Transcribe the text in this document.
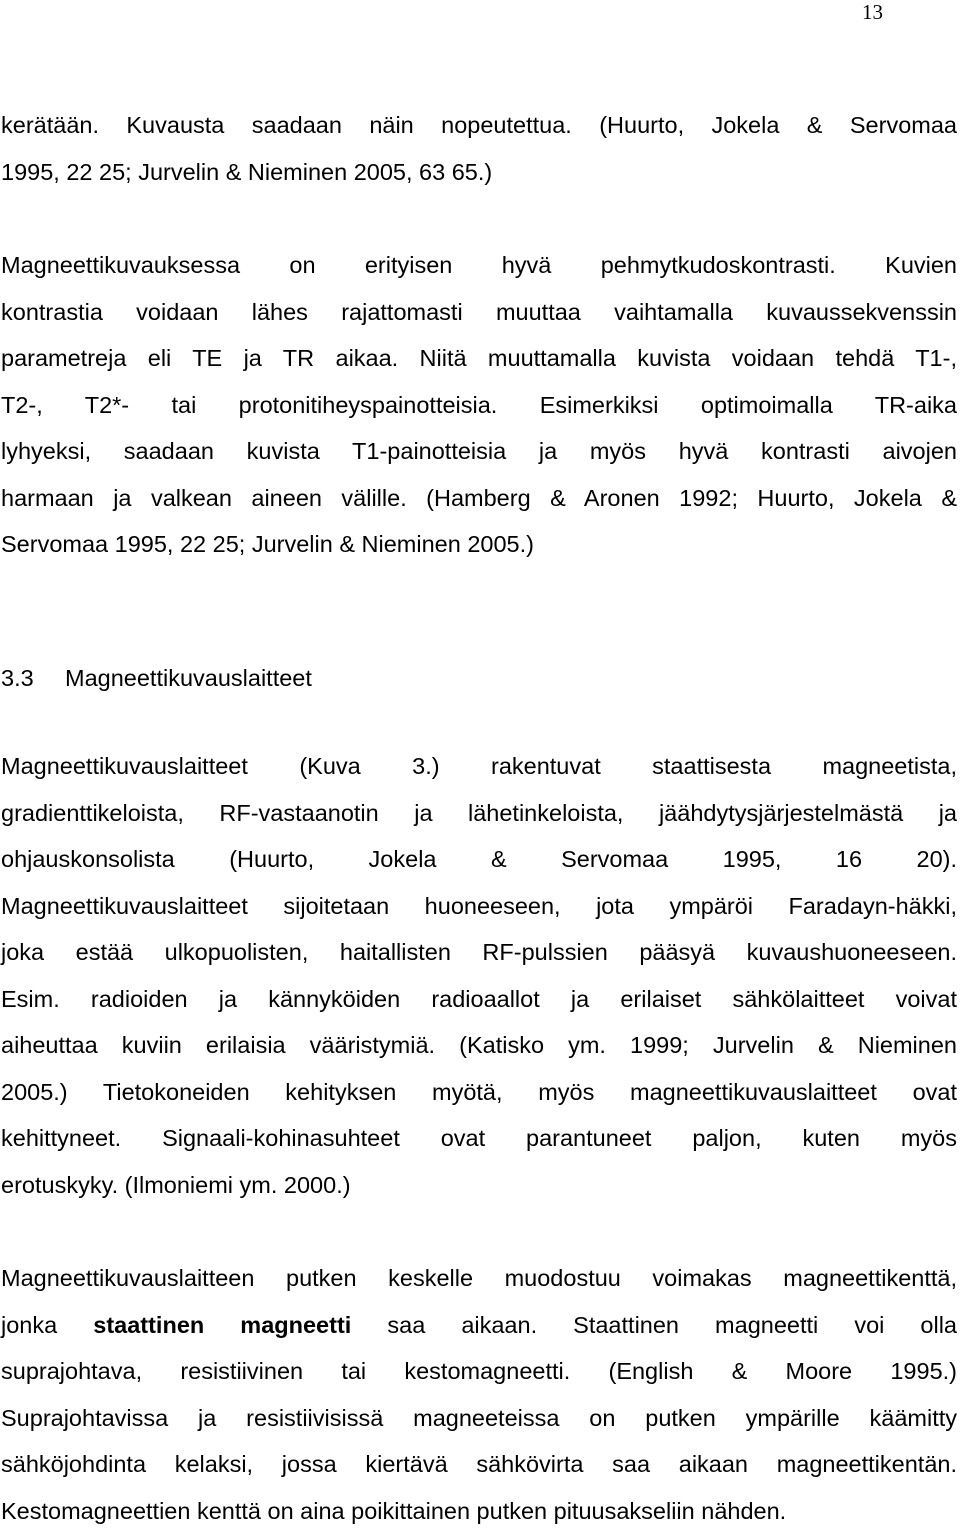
13
kerätään. Kuvausta saadaan näin nopeutettua. (Huurto, Jokela & Servomaa
1995, 22 25; Jurvelin & Nieminen 2005, 63 65.)
Magneettikuvauksessa on erityisen hyvä pehmytkudoskontrasti. Kuvien
kontrastia voidaan lähes rajattomasti muuttaa vaihtamalla kuvaussekvenssin
parametreja eli TE ja TR aikaa. Niitä muuttamalla kuvista voidaan tehdä T1-,
T2-, T2*- tai protonitiheyspainotteisia. Esimerkiksi optimoimalla TR-aika
lyhyeksi, saadaan kuvista T1-painotteisia ja myös hyvä kontrasti aivojen
harmaan ja valkean aineen välille. (Hamberg & Aronen 1992; Huurto, Jokela &
Servomaa 1995, 22 25; Jurvelin & Nieminen 2005.)
3.3 Magneettikuvauslaitteet
Magneettikuvauslaitteet (Kuva 3.) rakentuvat staattisesta magneetista,
gradienttikeloista, RF-vastaanotin ja lähetinkeloista, jäähdytysjärjestelmästä ja
ohjauskonsolista (Huurto, Jokela & Servomaa 1995, 16 20).
Magneettikuvauslaitteet sijoitetaan huoneeseen, jota ympäröi Faradayn-häkki,
joka estää ulkopuolisten, haitallisten RF-pulssien pääsyä kuvaushuoneeseen.
Esim. radioiden ja kännyköiden radioaallot ja erilaiset sähkölaitteet voivat
aiheuttaa kuviin erilaisia vääristymiä. (Katisko ym. 1999; Jurvelin & Nieminen
2005.) Tietokoneiden kehityksen myötä, myös magneettikuvauslaitteet ovat
kehittyneet. Signaali-kohinasuhteet ovat parantuneet paljon, kuten myös
erotuskyky. (Ilmoniemi ym. 2000.)
Magneettikuvauslaitteen putken keskelle muodostuu voimakas magneettikenttä,
jonka staattinen magneetti saa aikaan. Staattinen magneetti voi olla
suprajohtava, resistiivinen tai kestomagneetti. (English & Moore 1995.)
Suprajohtavissa ja resistiivisissä magneeteissa on putken ympärille käämitty
sähköjohdinta kelaksi, jossa kiertävä sähkövirta saa aikaan magneettikentän.
Kestomagneettien kenttä on aina poikittainen putken pituusakseliin nähden.
